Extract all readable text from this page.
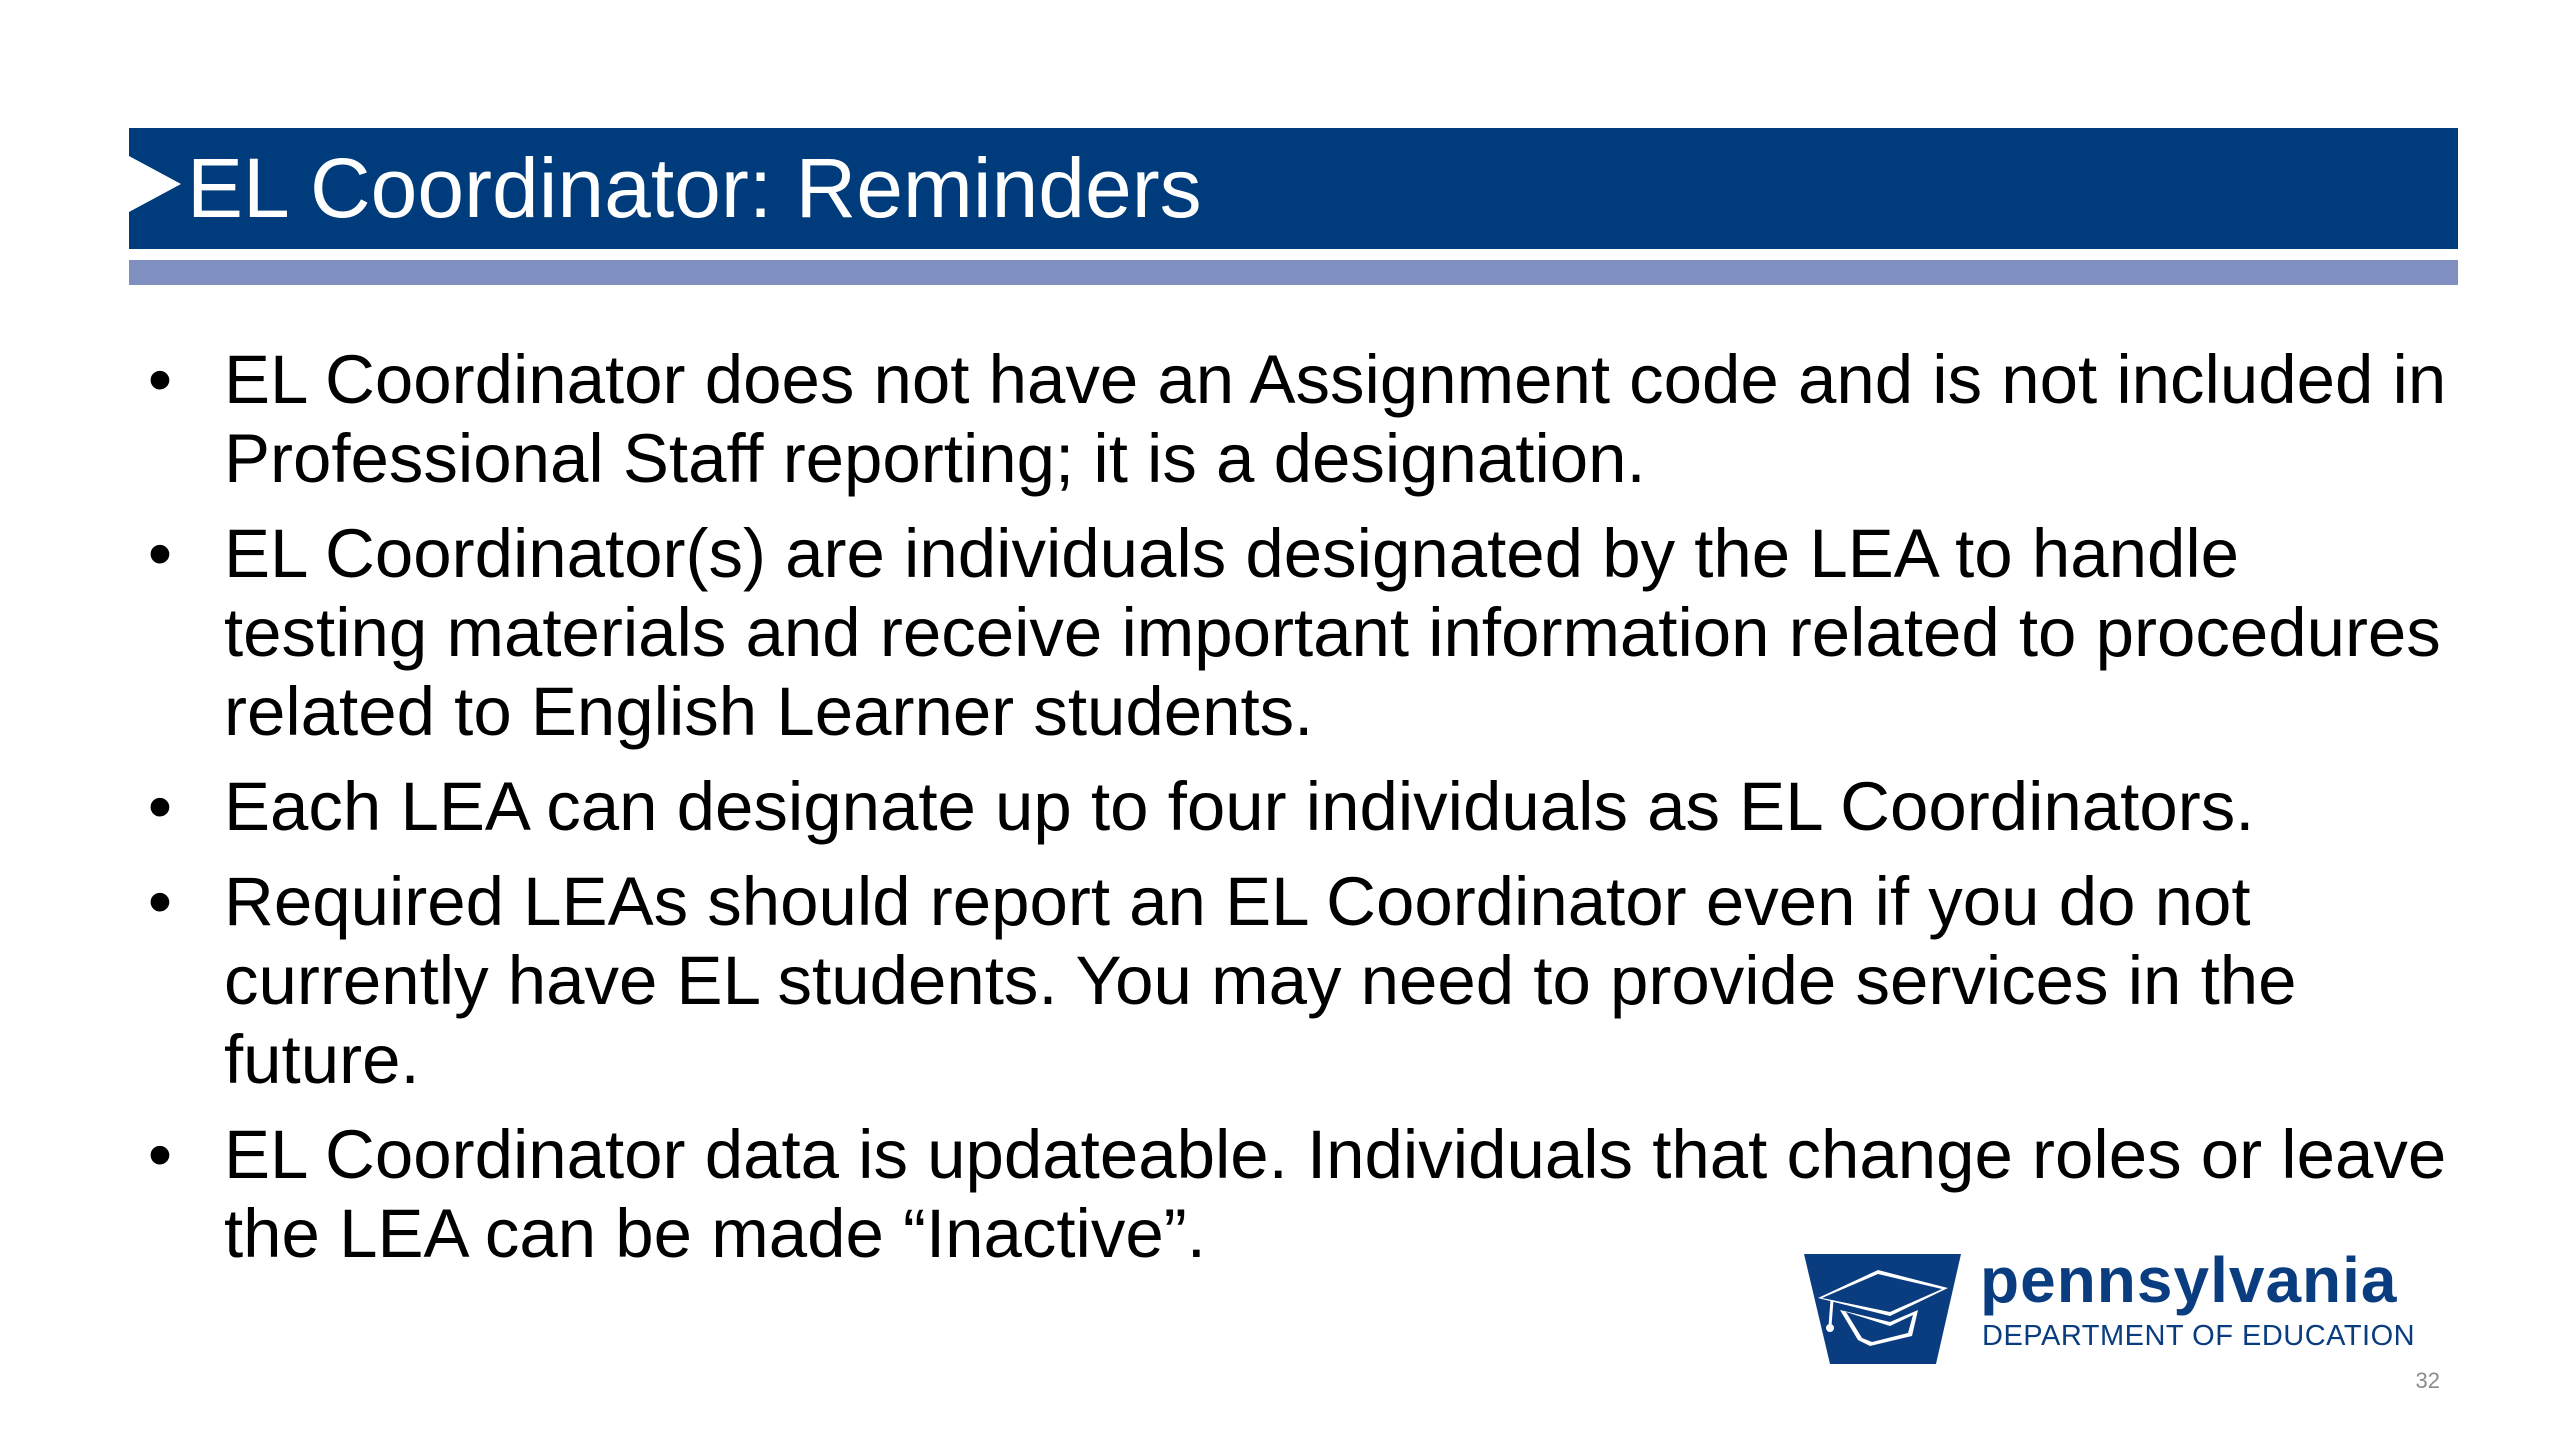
EL Coordinator: Reminders
• EL Coordinator does not have an Assignment code and is not included in Professional Staff reporting; it is a designation.
• EL Coordinator(s) are individuals designated by the LEA to handle testing materials and receive important information related to procedures related to English Learner students.
• Each LEA can designate up to four individuals as EL Coordinators.
• Required LEAs should report an EL Coordinator even if you do not currently have EL students. You may need to provide services in the future.
• EL Coordinator data is updateable. Individuals that change roles or leave the LEA can be made “Inactive”.
pennsylvania
DEPARTMENT OF EDUCATION
32
